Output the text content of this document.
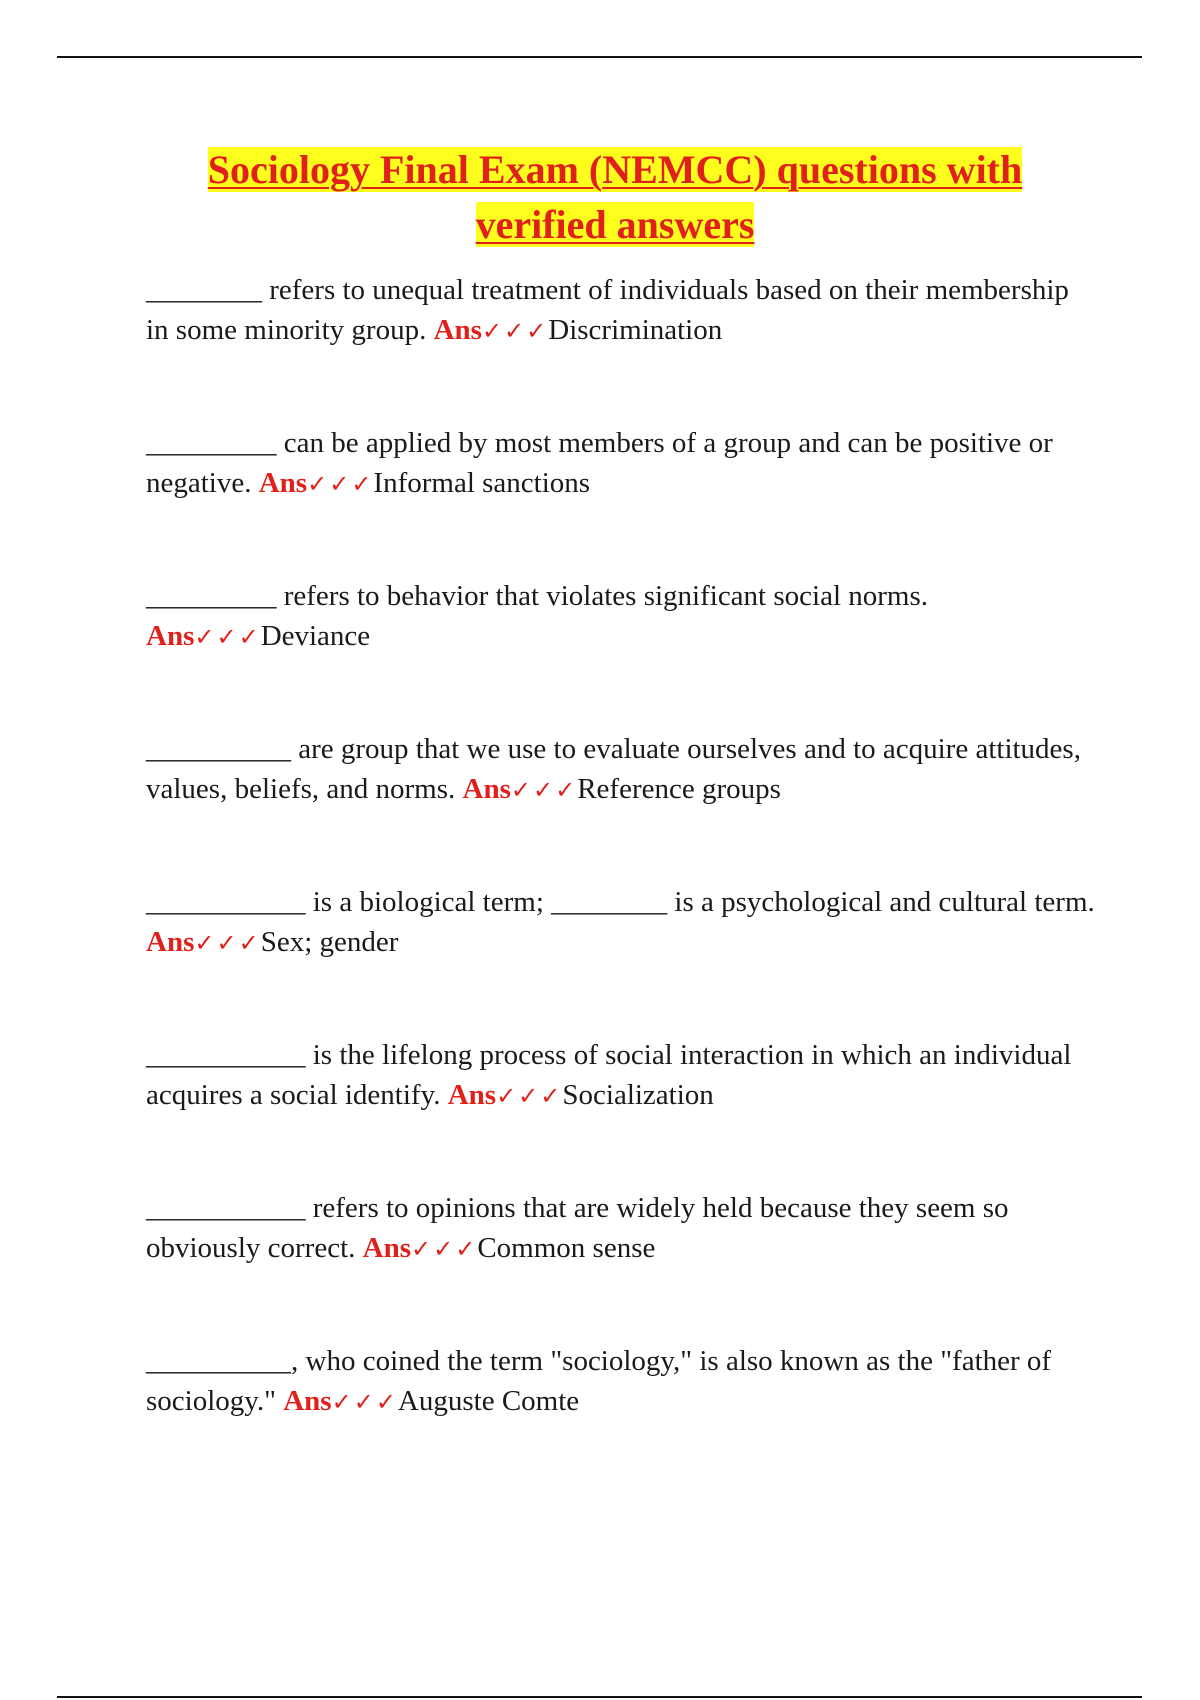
Sociology Final Exam (NEMCC) questions with
verified answers
________ refers to unequal treatment of individuals based on their membership in some minority group. Ans✓✓✓Discrimination
_________ can be applied by most members of a group and can be positive or negative. Ans✓✓✓Informal sanctions
_________ refers to behavior that violates significant social norms. Ans✓✓✓Deviance
__________ are group that we use to evaluate ourselves and to acquire attitudes, values, beliefs, and norms. Ans✓✓✓Reference groups
___________ is a biological term; ________ is a psychological and cultural term. Ans✓✓✓Sex; gender
___________ is the lifelong process of social interaction in which an individual acquires a social identify. Ans✓✓✓Socialization
___________ refers to opinions that are widely held because they seem so obviously correct. Ans✓✓✓Common sense
__________, who coined the term "sociology," is also known as the "father of sociology." Ans✓✓✓Auguste Comte
